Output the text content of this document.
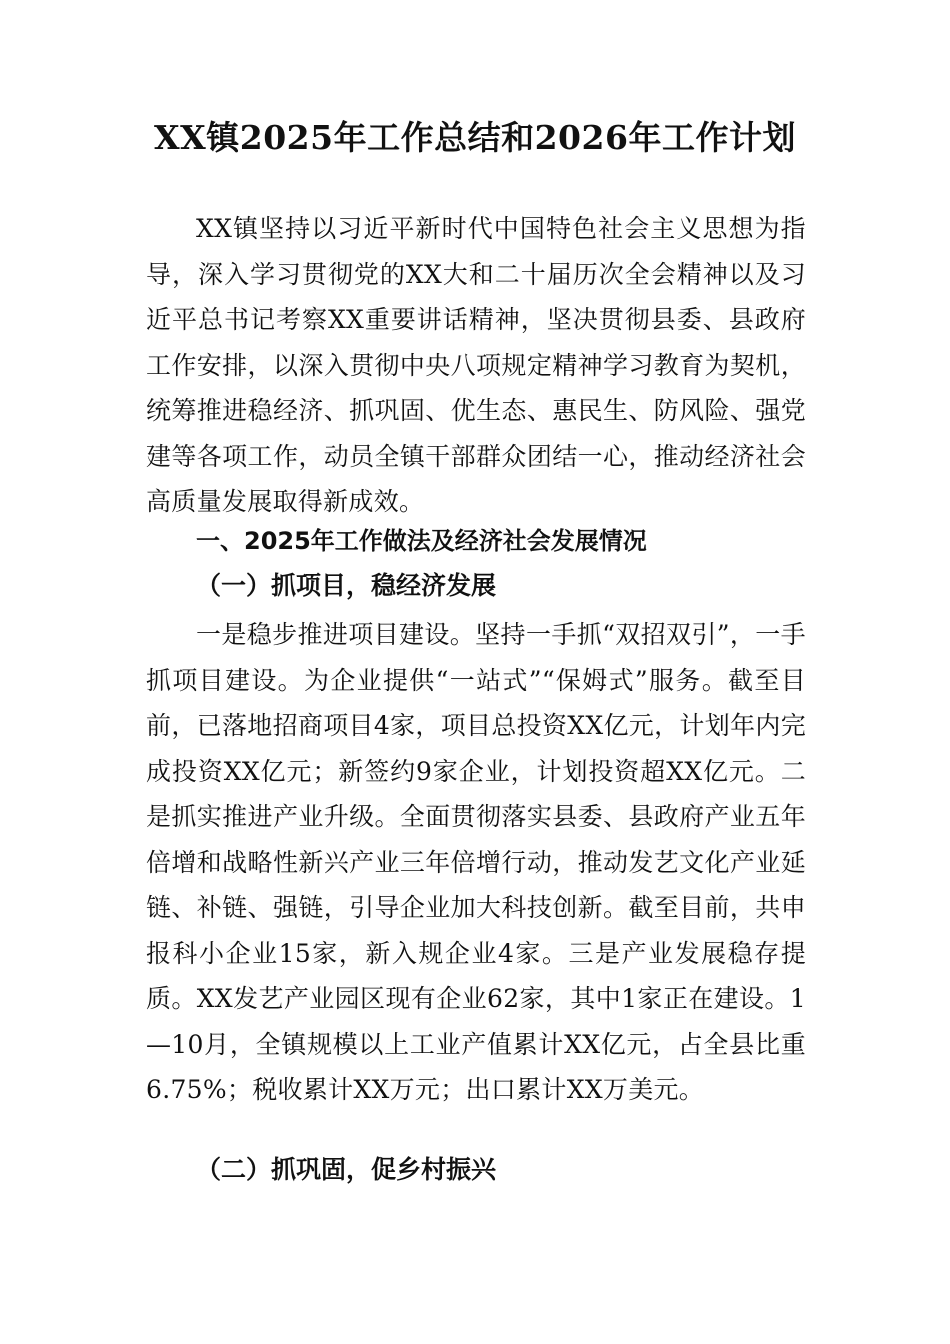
XX镇2025年工作总结和2026年工作计划

XX镇坚持以习近平新时代中国特色社会主义思想为指导，深入学习贯彻党的XX大和二十届历次全会精神以及习近平总书记考察XX重要讲话精神，坚决贯彻县委、县政府工作安排，以深入贯彻中央八项规定精神学习教育为契机，统筹推进稳经济、抓巩固、优生态、惠民生、防风险、强党建等各项工作，动员全镇干部群众团结一心，推动经济社会高质量发展取得新成效。

一、2025年工作做法及经济社会发展情况
（一）抓项目，稳经济发展

一是稳步推进项目建设。坚持一手抓“双招双引”，一手抓项目建设。为企业提供“一站式”“保姆式”服务。截至目前，已落地招商项目4家，项目总投资XX亿元，计划年内完成投资XX亿元；新签约9家企业，计划投资超XX亿元。二是抓实推进产业升级。全面贯彻落实县委、县政府产业五年倍增和战略性新兴产业三年倍增行动，推动发艺文化产业延链、补链、强链，引导企业加大科技创新。截至目前，共申报科小企业15家，新入规企业4家。三是产业发展稳存提质。XX发艺产业园区现有企业62家，其中1家正在建设。1—10月，全镇规模以上工业产值累计XX亿元，占全县比重6.75%；税收累计XX万元；出口累计XX万美元。

（二）抓巩固，促乡村振兴
